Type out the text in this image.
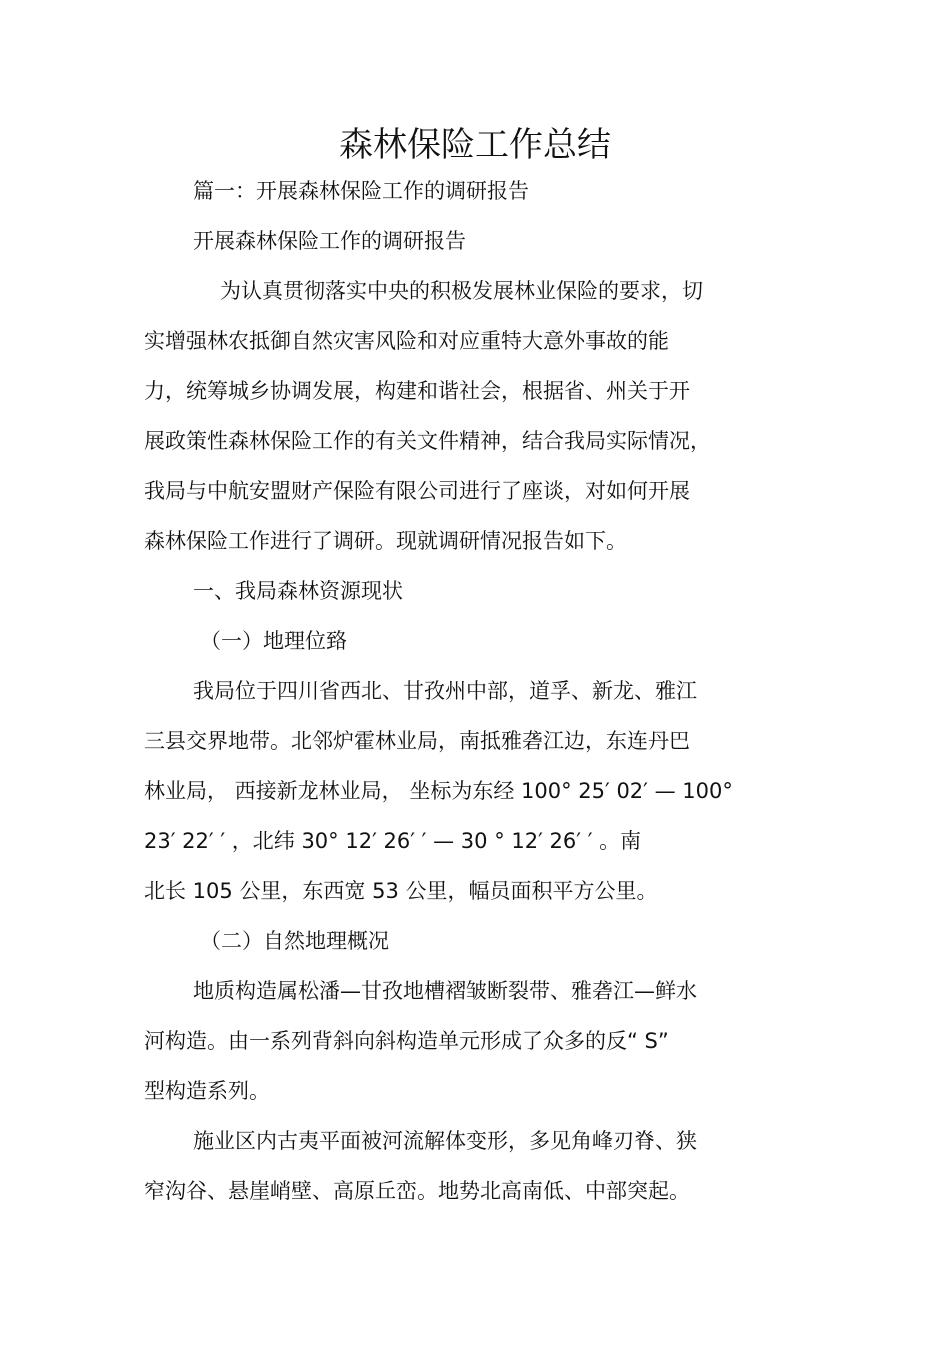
森林保险工作总结
篇一：开展森林保险工作的调研报告
开展森林保险工作的调研报告
为认真贯彻落实中央的积极发展林业保险的要求，切
实增强林农抵御自然灾害风险和对应重特大意外事故的能
力，统筹城乡协调发展，构建和谐社会，根据省、州关于开
展政策性森林保险工作的有关文件精神，结合我局实际情况，
我局与中航安盟财产保险有限公司进行了座谈，对如何开展
森林保险工作进行了调研。现就调研情况报告如下。
一、我局森林资源现状
（一）地理位臵
我局位于四川省西北、甘孜州中部，道孚、新龙、雅江
三县交界地带。北邻炉霍林业局，南抵雅砻江边，东连丹巴
林业局， 西接新龙林业局， 坐标为东经 100° 25′ 02′ — 100°
23′ 22′ ′ ，北纬 30° 12′ 26′ ′ — 30 ° 12′ 26′ ′ 。南
北长 105 公里，东西宽 53 公里，幅员面积平方公里。
（二）自然地理概况
地质构造属松潘—甘孜地槽褶皱断裂带、雅砻江—鲜水
河构造。由一系列背斜向斜构造单元形成了众多的反“ S”
型构造系列。
施业区内古夷平面被河流解体变形，多见角峰刃脊、狭
窄沟谷、悬崖峭壁、高原丘峦。地势北高南低、中部突起。
